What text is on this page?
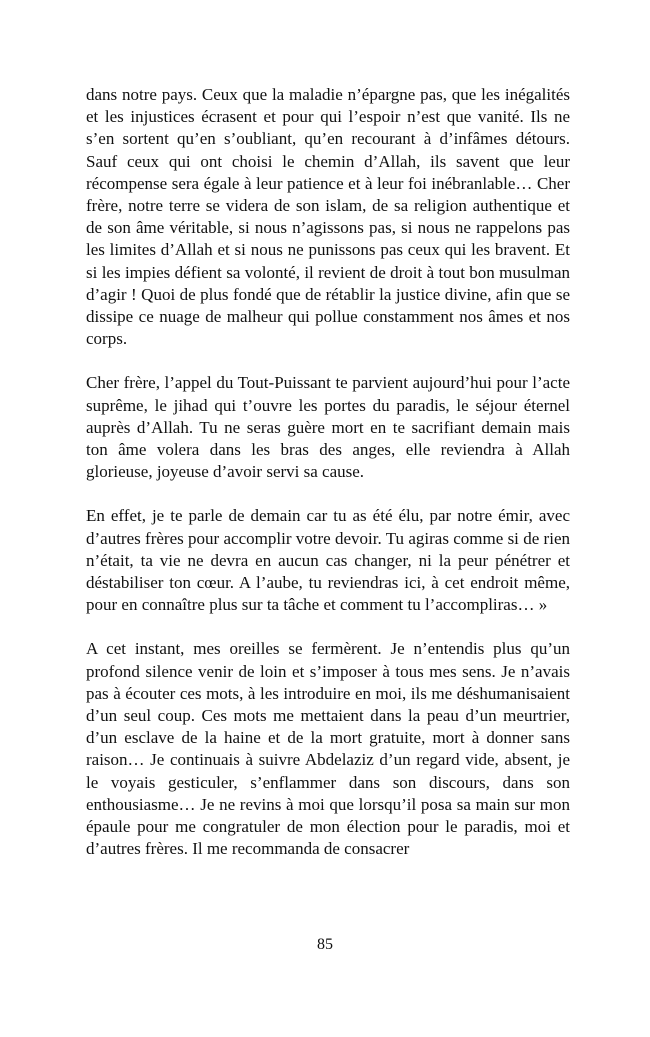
dans notre pays. Ceux que la maladie n’épargne pas, que les inégalités et les injustices écrasent et pour qui l’espoir n’est que vanité. Ils ne s’en sortent qu’en s’oubliant, qu’en recourant à d’infâmes détours. Sauf ceux qui ont choisi le chemin d’Allah, ils savent que leur récompense sera égale à leur patience et à leur foi inébranlable… Cher frère, notre terre se videra de son islam, de sa religion authentique et de son âme véritable, si nous n’agissons pas, si nous ne rappelons pas les limites d’Allah et si nous ne punissons pas ceux qui les bravent. Et si les impies défient sa volonté, il revient de droit à tout bon musulman d’agir ! Quoi de plus fondé que de rétablir la justice divine, afin que se dissipe ce nuage de malheur qui pollue constamment nos âmes et nos corps.

Cher frère, l’appel du Tout-Puissant te parvient aujourd’hui pour l’acte suprême, le jihad qui t’ouvre les portes du paradis, le séjour éternel auprès d’Allah. Tu ne seras guère mort en te sacrifiant demain mais ton âme volera dans les bras des anges, elle reviendra à Allah glorieuse, joyeuse d’avoir servi sa cause.

En effet, je te parle de demain car tu as été élu, par notre émir, avec d’autres frères pour accomplir votre devoir. Tu agiras comme si de rien n’était, ta vie ne devra en aucun cas changer, ni la peur pénétrer et déstabiliser ton cœur. A l’aube, tu reviendras ici, à cet endroit même, pour en connaître plus sur ta tâche et comment tu l’accompliras… »

A cet instant, mes oreilles se fermèrent. Je n’entendis plus qu’un profond silence venir de loin et s’imposer à tous mes sens. Je n’avais pas à écouter ces mots, à les introduire en moi, ils me déshumanisaient d’un seul coup. Ces mots me mettaient dans la peau d’un meurtrier, d’un esclave de la haine et de la mort gratuite, mort à donner sans raison… Je continuais à suivre Abdelaziz d’un regard vide, absent, je le voyais gesticuler, s’enflammer dans son discours, dans son enthousiasme… Je ne revins à moi que lorsqu’il posa sa main sur mon épaule pour me congratuler de mon élection pour le paradis, moi et d’autres frères. Il me recommanda de consacrer

85
